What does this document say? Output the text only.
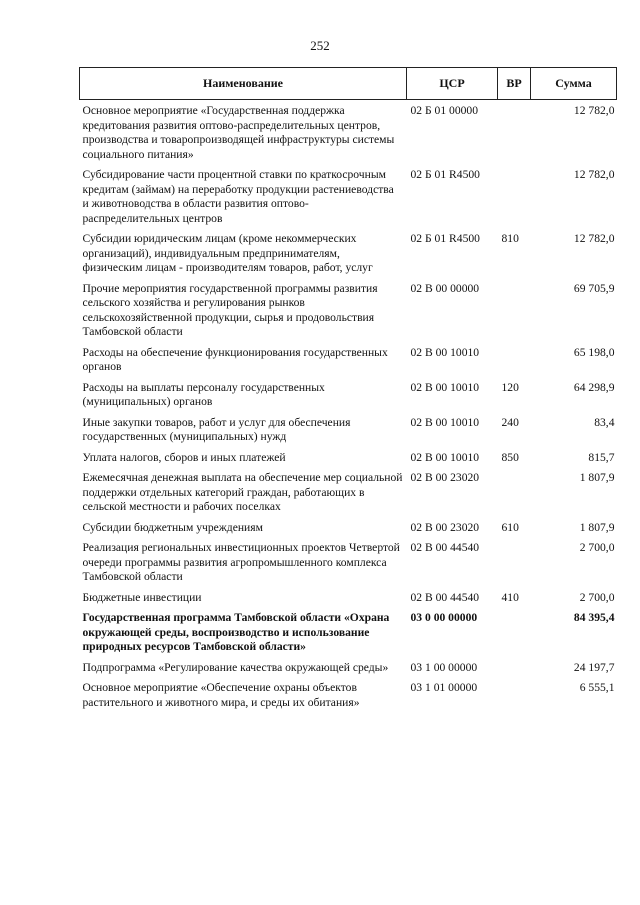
252
Наименование	ЦСР	ВР	Сумма
Основное мероприятие «Государственная поддержка кредитования развития оптово-распределительных центров, производства и товаропроизводящей инфраструктуры системы социального питания»	02 Б 01 00000		12 782,0
Субсидирование части процентной ставки по краткосрочным кредитам (займам) на переработку продукции растениеводства и животноводства в области развития оптово-распределительных центров	02 Б 01 R4500		12 782,0
Субсидии юридическим лицам (кроме некоммерческих организаций), индивидуальным предпринимателям, физическим лицам - производителям товаров, работ, услуг	02 Б 01 R4500	810	12 782,0
Прочие мероприятия государственной программы развития сельского хозяйства и регулирования рынков сельскохозяйственной продукции, сырья и продовольствия Тамбовской области	02 В 00 00000		69 705,9
Расходы на обеспечение функционирования государственных органов	02 В 00 10010		65 198,0
Расходы на выплаты персоналу государственных (муниципальных) органов	02 В 00 10010	120	64 298,9
Иные закупки товаров, работ и услуг для обеспечения государственных (муниципальных) нужд	02 В 00 10010	240	83,4
Уплата налогов, сборов и иных платежей	02 В 00 10010	850	815,7
Ежемесячная денежная выплата на обеспечение мер социальной поддержки отдельных категорий граждан, работающих в сельской местности и рабочих поселках	02 В 00 23020		1 807,9
Субсидии бюджетным учреждениям	02 В 00 23020	610	1 807,9
Реализация региональных инвестиционных проектов Четвертой очереди программы развития агропромышленного комплекса Тамбовской области	02 В 00 44540		2 700,0
Бюджетные инвестиции	02 В 00 44540	410	2 700,0
Государственная программа Тамбовской области «Охрана окружающей среды, воспроизводство и использование природных ресурсов Тамбовской области»	03 0 00 00000		84 395,4
Подпрограмма «Регулирование качества окружающей среды»	03 1 00 00000		24 197,7
Основное мероприятие «Обеспечение охраны объектов растительного и животного мира, и среды их обитания»	03 1 01 00000		6 555,1
